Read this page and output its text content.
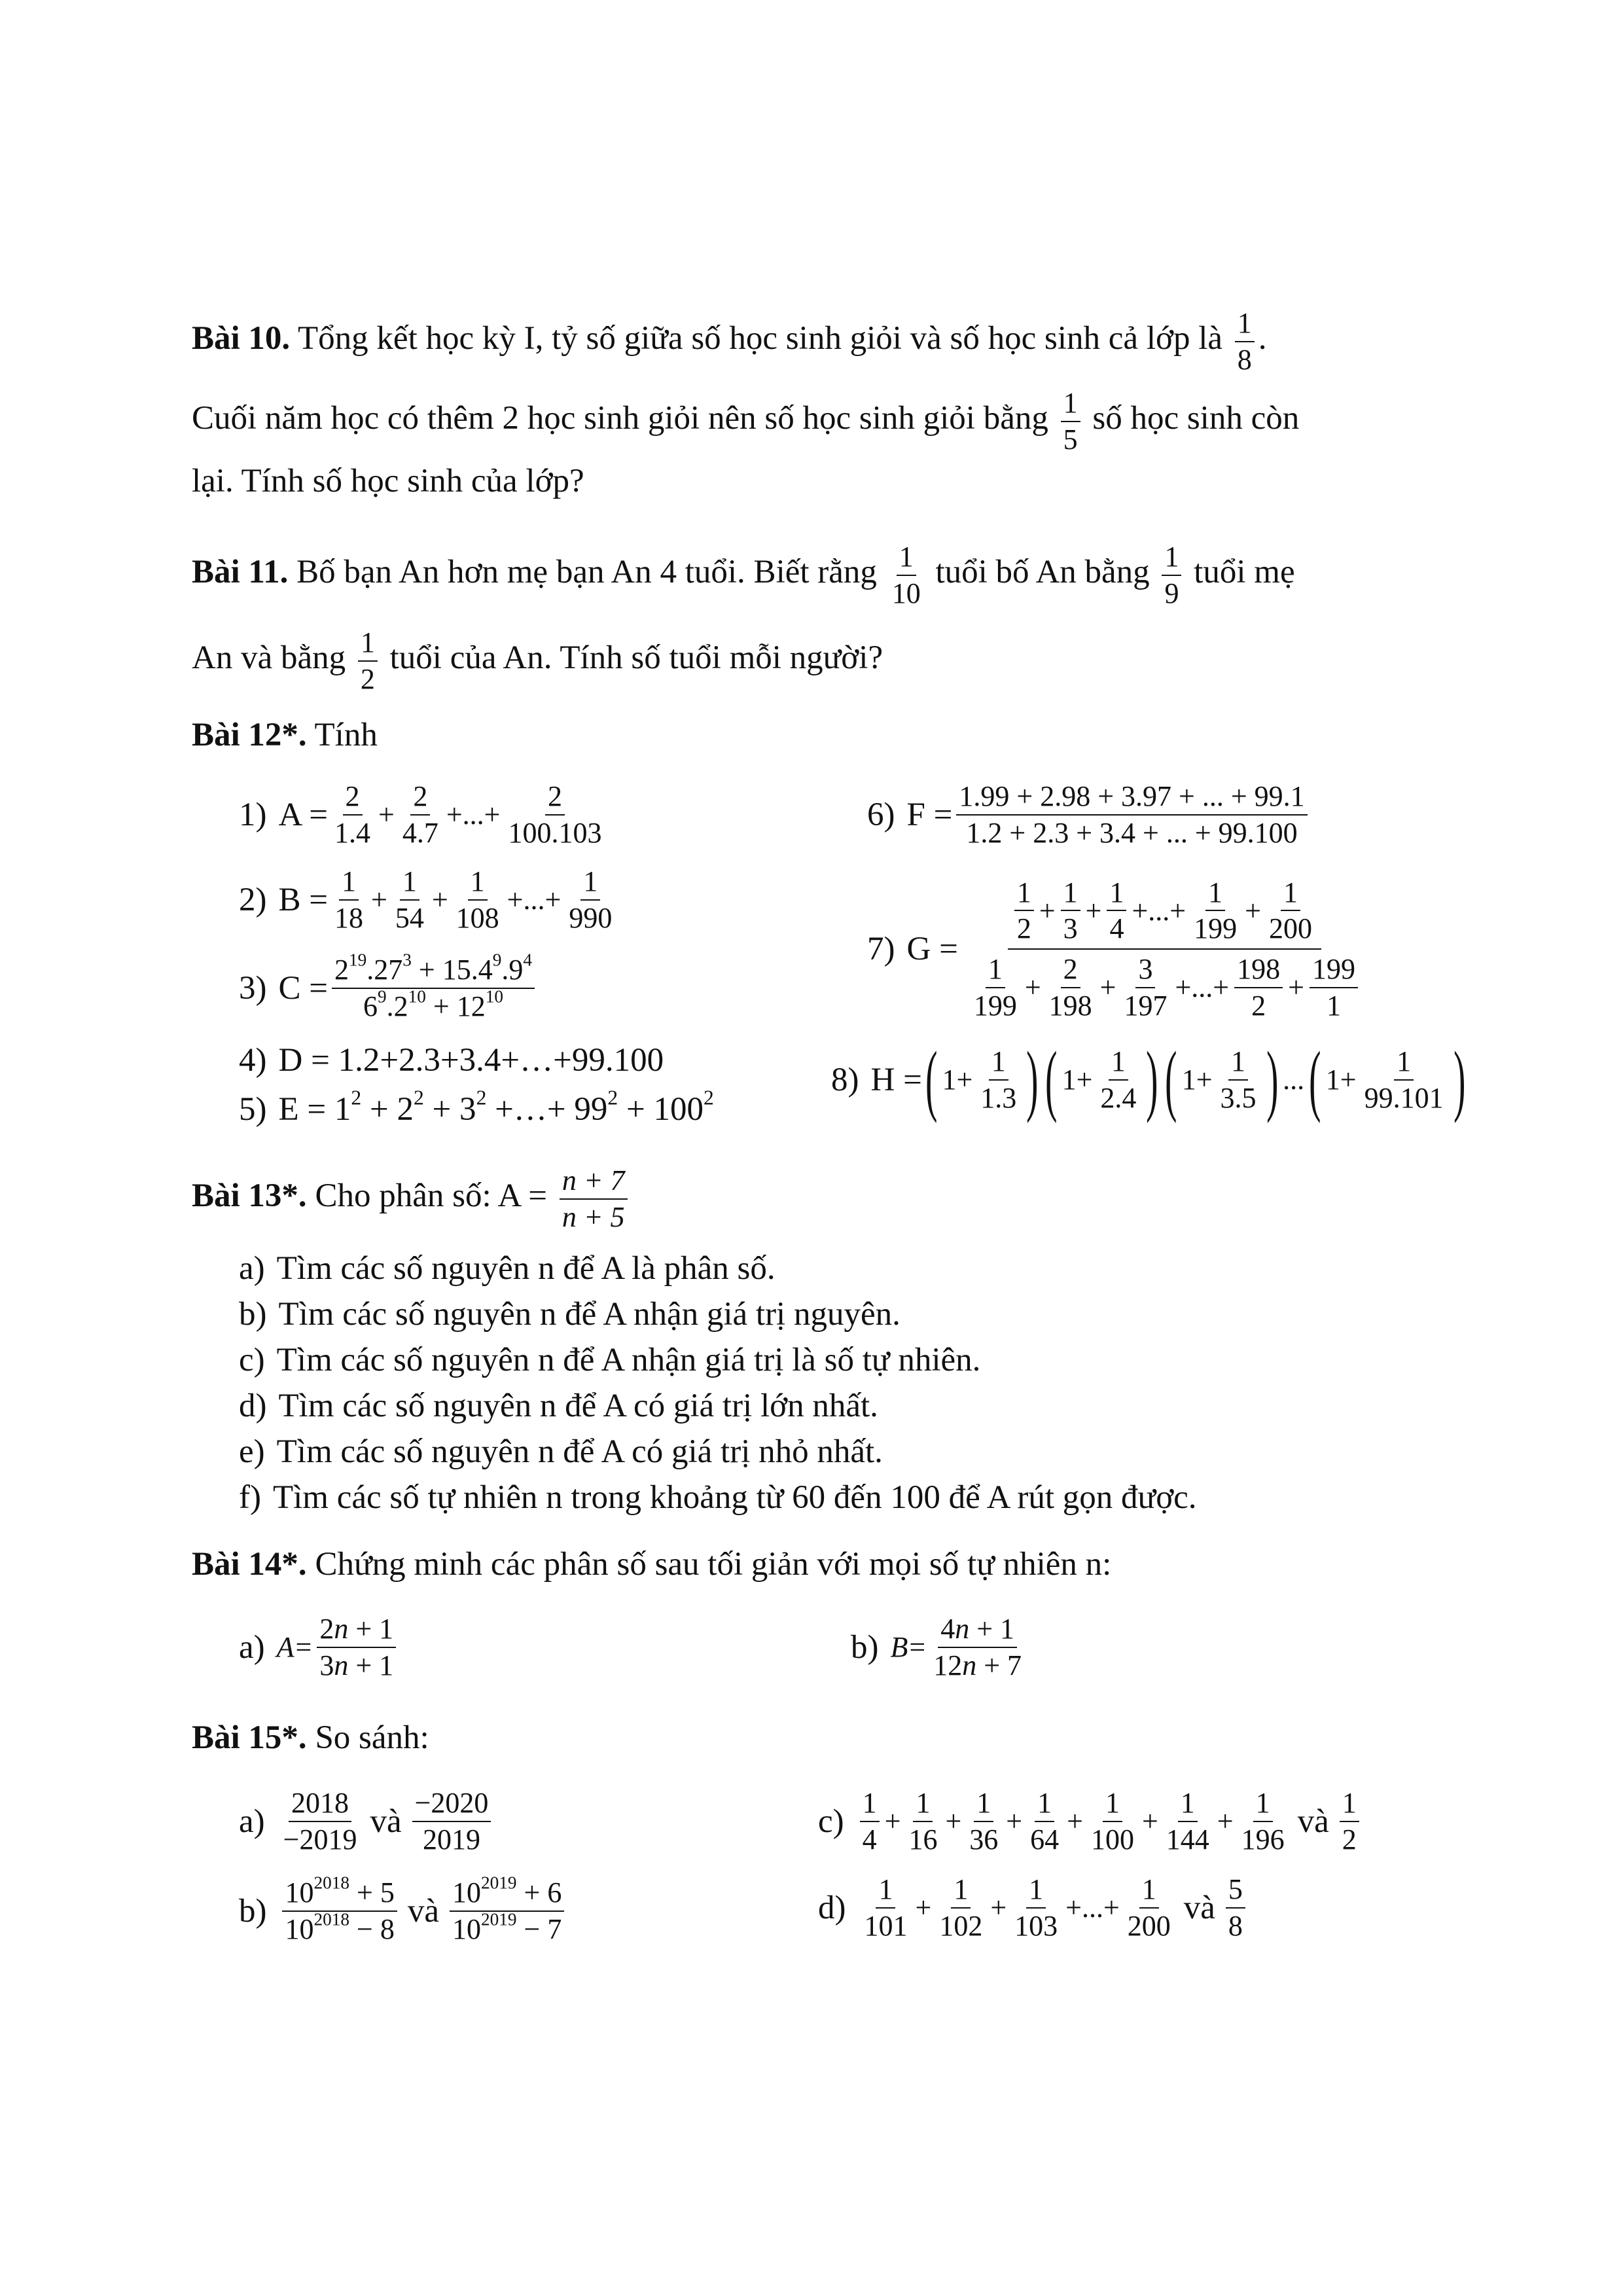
Bài 10. Tổng kết học kỳ I, tỷ số giữa số học sinh giỏi và số học sinh cả lớp là $\frac{1}{8}$ .
Cuối năm học có thêm 2 học sinh giỏi nên số học sinh giỏi bằng $\frac{1}{5}$ số học sinh còn
lại. Tính số học sinh của lớp?
Bài 11. Bố bạn An hơn mẹ bạn An 4 tuổi. Biết rằng $\frac{1}{10}$ tuổi bố An bằng $\frac{1}{9}$ tuổi mẹ
An và bằng $\frac{1}{2}$ tuổi của An. Tính số tuổi mỗi người?
Bài 12*. Tính
1) A =
2
1.4
+ $\frac{2}{4.7}$ +...+ $\frac{2}{100.103}$
2) B =
1
18
+ $\frac{1}{54} + \frac{1}{108}$ +...+ $\frac{1}{990}$
3) C =
$2^{19}.27^3 + 15.4^9.9^4$
$6^9.2^{10} + 12^{10}$
4) D = 1.2+2.3+3.4+…+99.100
5) $E = 1^2 + 2^2 + 3^2$ +…+ $99^2 + 100^2$
6) F =
1.99 + 2.98 + 3.97 + ... + 99.1
1.2 + 2.3 + 3.4 + ... + 99.100
7) G =
1
2
+ $\frac{1}{3} + \frac{1}{4}$ +...+ $\frac{1}{199} + \frac{1}{200}$
1
199
+ $\frac{2}{198} + \frac{3}{197}$ +...+ $\frac{198}{2} + \frac{199}{1}$
8) H = ( $1+ \frac{1}{1.3}$ ) ( $1+ \frac{1}{2.4}$ ) ( $1+ \frac{1}{3.5}$ ) ... ( $1+ \frac{1}{99.101}$ )
Bài 13*. Cho phân số: $A = \frac{n + 7}{n + 5}$
a) Tìm các số nguyên n để A là phân số.
b) Tìm các số nguyên n để A nhận giá trị nguyên.
c) Tìm các số nguyên n để A nhận giá trị là số tự nhiên.
d) Tìm các số nguyên n để A có giá trị lớn nhất.
e) Tìm các số nguyên n để A có giá trị nhỏ nhất.
f) Tìm các số tự nhiên n trong khoảng từ 60 đến 100 để A rút gọn được.
Bài 14*. Chứng minh các phân số sau tối giản với mọi số tự nhiên n:
a) $A = \frac{2n + 1}{3n + 1}$	b) $B = \frac{4n + 1}{12n + 7}$
Bài 15*. So sánh:
a)
2018
−2019 và
−2020
2019
b)
$10^{2018} + 5$
$10^{2018} - 8$ và
$10^{2019} + 6$
$10^{2019} - 7$
c)
1
4
+ $\frac{1}{16} + \frac{1}{36} + \frac{1}{64} + \frac{1}{100} + \frac{1}{144} + \frac{1}{196}$ và
1
2
d)
1
101
+ $\frac{1}{102} + \frac{1}{103}$ +...+ $\frac{1}{200}$ và
5
8
